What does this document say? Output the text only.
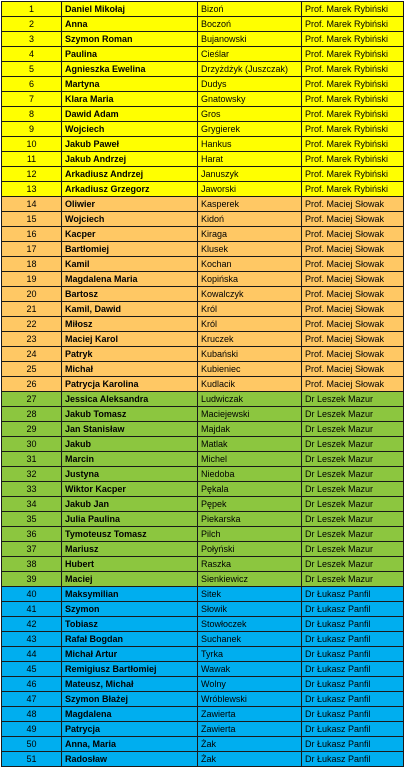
1	Daniel Mikołaj	Bizoń	Prof. Marek Rybiński
2	Anna	Boczoń	Prof. Marek Rybiński
3	Szymon Roman	Bujanowski	Prof. Marek Rybiński
4	Paulina	Cieślar	Prof. Marek Rybiński
5	Agnieszka Ewelina	Drzyżdżyk (Juszczak)	Prof. Marek Rybiński
6	Martyna	Dudys	Prof. Marek Rybiński
7	Klara Maria	Gnatowsky	Prof. Marek Rybiński
8	Dawid Adam	Gros	Prof. Marek Rybiński
9	Wojciech	Grygierek	Prof. Marek Rybiński
10	Jakub Paweł	Hankus	Prof. Marek Rybiński
11	Jakub Andrzej	Harat	Prof. Marek Rybiński
12	Arkadiusz Andrzej	Januszyk	Prof. Marek Rybiński
13	Arkadiusz Grzegorz	Jaworski	Prof. Marek Rybiński
14	Oliwier	Kasperek	Prof. Maciej Słowak
15	Wojciech	Kidoń	Prof. Maciej Słowak
16	Kacper	Kiraga	Prof. Maciej Słowak
17	Bartłomiej	Klusek	Prof. Maciej Słowak
18	Kamil	Kochan	Prof. Maciej Słowak
19	Magdalena Maria	Kopińska	Prof. Maciej Słowak
20	Bartosz	Kowalczyk	Prof. Maciej Słowak
21	Kamil, Dawid	Król	Prof. Maciej Słowak
22	Miłosz	Król	Prof. Maciej Słowak
23	Maciej Karol	Kruczek	Prof. Maciej Słowak
24	Patryk	Kubański	Prof. Maciej Słowak
25	Michał	Kubieniec	Prof. Maciej Słowak
26	Patrycja Karolina	Kudlacik	Prof. Maciej Słowak
27	Jessica Aleksandra	Ludwiczak	Dr Leszek Mazur
28	Jakub Tomasz	Maciejewski	Dr Leszek Mazur
29	Jan Stanisław	Majdak	Dr Leszek Mazur
30	Jakub	Matlak	Dr Leszek Mazur
31	Marcin	Michel	Dr Leszek Mazur
32	Justyna	Niedoba	Dr Leszek Mazur
33	Wiktor Kacper	Pękala	Dr Leszek Mazur
34	Jakub Jan	Pępek	Dr Leszek Mazur
35	Julia Paulina	Piekarska	Dr Leszek Mazur
36	Tymoteusz Tomasz	Pilch	Dr Leszek Mazur
37	Mariusz	Połyński	Dr Leszek Mazur
38	Hubert	Raszka	Dr Leszek Mazur
39	Maciej	Sienkiewicz	Dr Leszek Mazur
40	Maksymilian	Sitek	Dr Łukasz Panfil
41	Szymon	Słowik	Dr Łukasz Panfil
42	Tobiasz	Stowłoczek	Dr Łukasz Panfil
43	Rafał Bogdan	Suchanek	Dr Łukasz Panfil
44	Michał Artur	Tyrka	Dr Łukasz Panfil
45	Remigiusz Bartłomiej	Wawak	Dr Łukasz Panfil
46	Mateusz, Michał	Wolny	Dr Łukasz Panfil
47	Szymon Błażej	Wróblewski	Dr Łukasz Panfil
48	Magdalena	Zawierta	Dr Łukasz Panfil
49	Patrycja	Zawierta	Dr Łukasz Panfil
50	Anna, Maria	Żak	Dr Łukasz Panfil
51	Radosław	Żak	Dr Łukasz Panfil
